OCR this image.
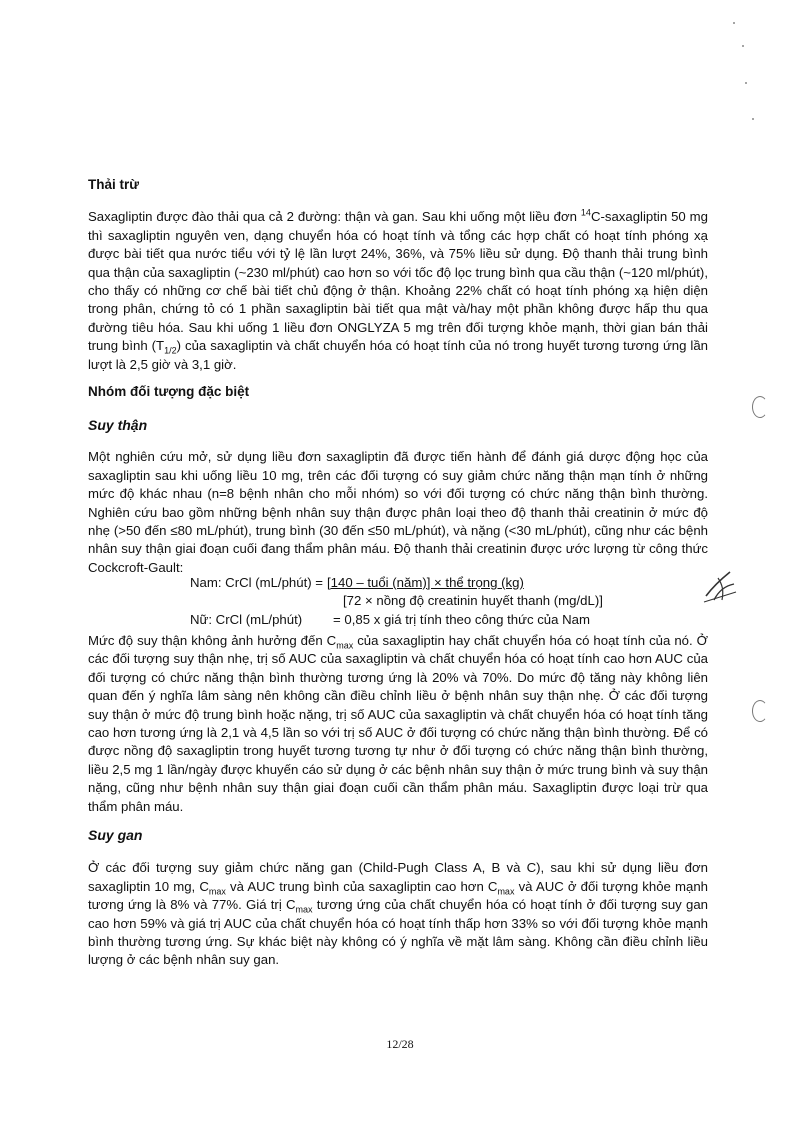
Thải trừ

Saxagliptin được đào thải qua cả 2 đường: thận và gan. Sau khi uống một liều đơn $^{14}$C-saxagliptin 50 mg thì saxagliptin nguyên ven, dạng chuyển hóa có hoạt tính và tổng các hợp chất có hoạt tính phóng xạ được bài tiết qua nước tiểu với tỷ lệ lần lượt 24%, 36%, và 75% liều sử dụng. Độ thanh thải trung bình qua thận của saxagliptin (~230 ml/phút) cao hơn so với tốc độ lọc trung bình qua cầu thận (~120 ml/phút), cho thấy có những cơ chế bài tiết chủ động ở thận. Khoảng 22% chất có hoạt tính phóng xạ hiện diện trong phân, chứng tỏ có 1 phần saxagliptin bài tiết qua mật và/hay một phần không được hấp thu qua đường tiêu hóa. Sau khi uống 1 liều đơn ONGLYZA 5 mg trên đối tượng khỏe mạnh, thời gian bán thải trung bình $(T_{1/2})$ của saxagliptin và chất chuyển hóa có hoạt tính của nó trong huyết tương tương ứng lần lượt là 2,5 giờ và 3,1 giờ.

Nhóm đối tượng đặc biệt
Suy thận

Một nghiên cứu mở, sử dụng liều đơn saxagliptin đã được tiến hành để đánh giá dược động học của saxagliptin sau khi uống liều 10 mg, trên các đối tượng có suy giảm chức năng thận mạn tính ở những mức độ khác nhau (n=8 bệnh nhân cho mỗi nhóm) so với đối tượng có chức năng thận bình thường. Nghiên cứu bao gồm những bệnh nhân suy thận được phân loại theo độ thanh thải creatinin ở mức độ nhẹ (>50 đến ≤80 mL/phút), trung bình (30 đến ≤50 mL/phút), và nặng (<30 mL/phút), cũng như các bệnh nhân suy thận giai đoạn cuối đang thẩm phân máu. Độ thanh thải creatinin được ước lượng từ công thức Cockcroft-Gault:

Nam: CrCl (mL/phút) = [140 – tuổi (năm)] × thể trọng (kg)
[72 × nồng độ creatinin huyết thanh (mg/dL)]
Nữ: CrCl (mL/phút)	= 0,85 x giá trị tính theo công thức của Nam

Mức độ suy thận không ảnh hưởng đến $C_{max}$ của saxagliptin hay chất chuyển hóa có hoạt tính của nó. Ở các đối tượng suy thận nhẹ, trị số AUC của saxagliptin và chất chuyển hóa có hoạt tính cao hơn AUC của đối tượng có chức năng thận bình thường tương ứng là 20% và 70%. Do mức độ tăng này không liên quan đến ý nghĩa lâm sàng nên không cần điều chỉnh liều ở bệnh nhân suy thận nhẹ. Ở các đối tượng suy thận ở mức độ trung bình hoặc nặng, trị số AUC của saxagliptin và chất chuyển hóa có hoạt tính tăng cao hơn tương ứng là 2,1 và 4,5 lần so với trị số AUC ở đối tượng có chức năng thận bình thường. Để có được nồng độ saxagliptin trong huyết tương tương tự như ở đối tượng có chức năng thận bình thường, liều 2,5 mg 1 lần/ngày được khuyến cáo sử dụng ở các bệnh nhân suy thận ở mức trung bình và suy thận nặng, cũng như bệnh nhân suy thận giai đoạn cuối cần thẩm phân máu. Saxagliptin được loại trừ qua thẩm phân máu.

Suy gan

Ở các đối tượng suy giảm chức năng gan (Child-Pugh Class A, B và C), sau khi sử dụng liều đơn saxagliptin 10 mg, $C_{max}$ và AUC trung bình của saxagliptin cao hơn $C_{max}$ và AUC ở đối tượng khỏe mạnh tương ứng là 8% và 77%. Giá trị $C_{max}$ tương ứng của chất chuyển hóa có hoạt tính ở đối tượng suy gan cao hơn 59% và giá trị AUC của chất chuyển hóa có hoạt tính thấp hơn 33% so với đối tượng khỏe mạnh bình thường tương ứng. Sự khác biệt này không có ý nghĩa về mặt lâm sàng. Không cần điều chỉnh liều lượng ở các bệnh nhân suy gan.

12/28
